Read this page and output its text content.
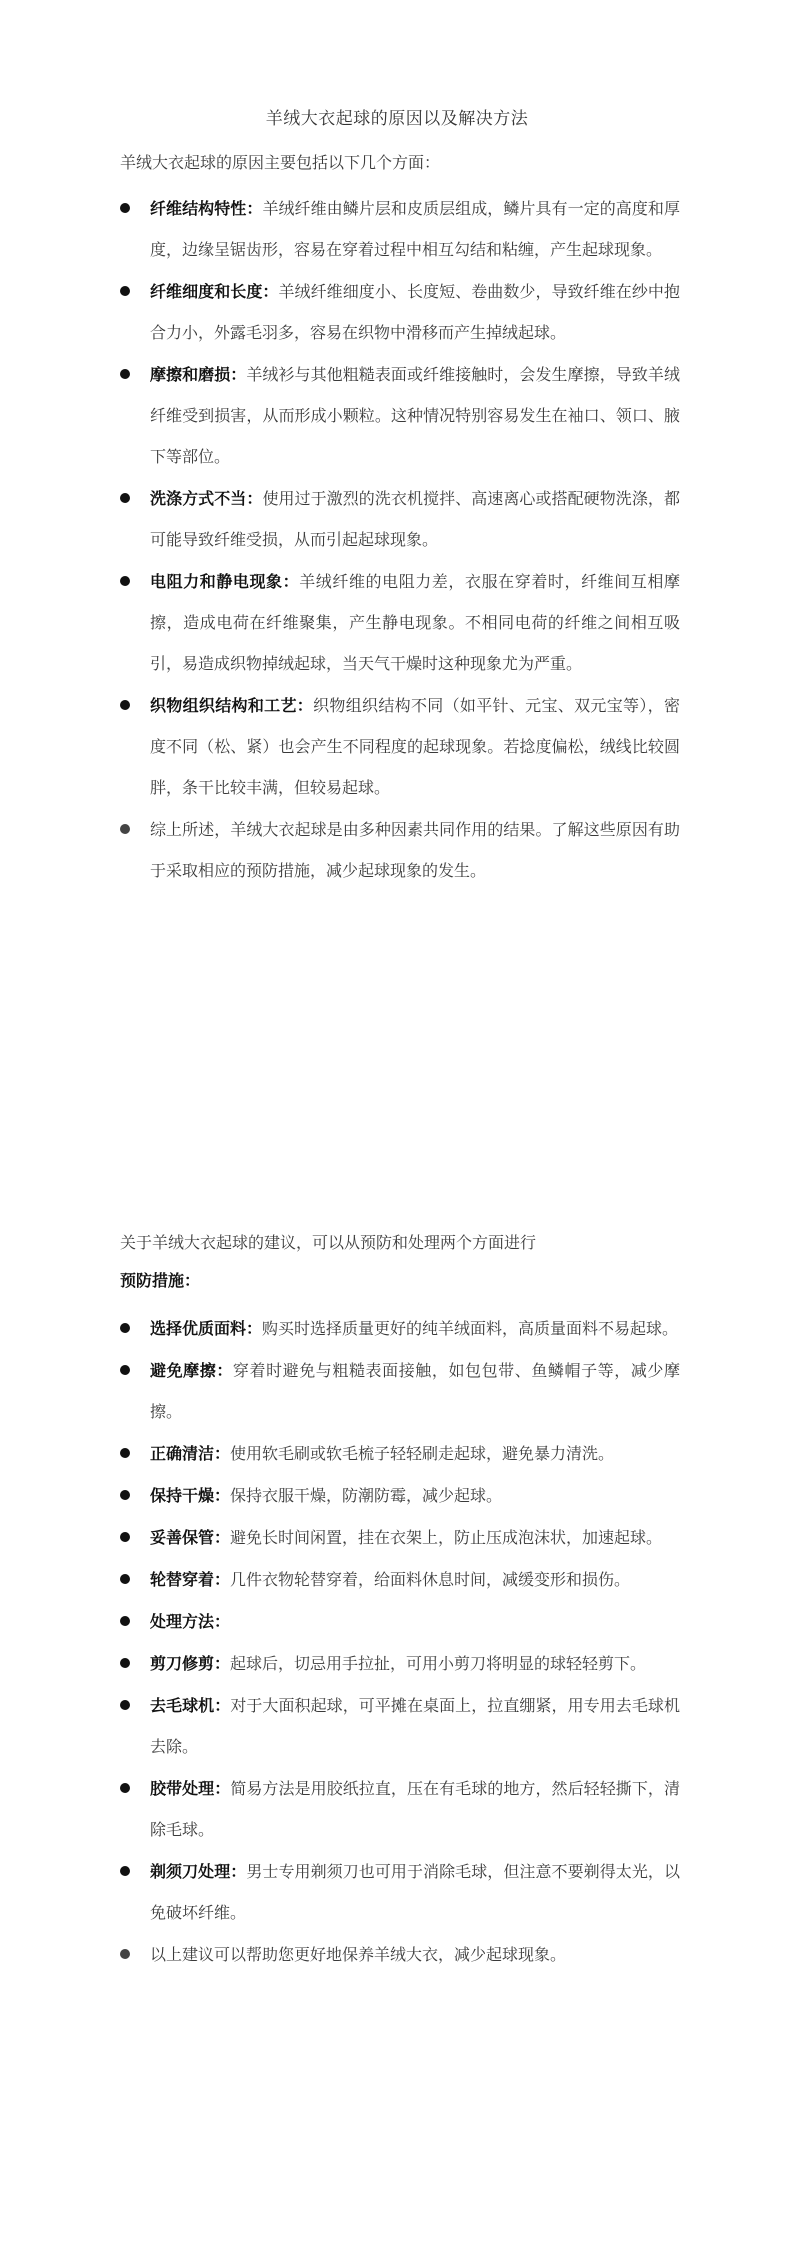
羊绒大衣起球的原因以及解决方法
羊绒大衣起球的原因主要包括以下几个方面：
纤维结构特性：羊绒纤维由鳞片层和皮质层组成，鳞片具有一定的高度和厚度，边缘呈锯齿形，容易在穿着过程中相互勾结和粘缠，产生起球现象。
纤维细度和长度：羊绒纤维细度小、长度短、卷曲数少，导致纤维在纱中抱合力小，外露毛羽多，容易在织物中滑移而产生掉绒起球。
摩擦和磨损：羊绒衫与其他粗糙表面或纤维接触时，会发生摩擦，导致羊绒纤维受到损害，从而形成小颗粒。这种情况特别容易发生在袖口、领口、腋下等部位。
洗涤方式不当：使用过于激烈的洗衣机搅拌、高速离心或搭配硬物洗涤，都可能导致纤维受损，从而引起起球现象。
电阻力和静电现象：羊绒纤维的电阻力差，衣服在穿着时，纤维间互相摩擦，造成电荷在纤维聚集，产生静电现象。不相同电荷的纤维之间相互吸引，易造成织物掉绒起球，当天气干燥时这种现象尤为严重。
织物组织结构和工艺：织物组织结构不同（如平针、元宝、双元宝等），密度不同（松、紧）也会产生不同程度的起球现象。若捻度偏松，绒线比较圆胖，条干比较丰满，但较易起球。
综上所述，羊绒大衣起球是由多种因素共同作用的结果。了解这些原因有助于采取相应的预防措施，减少起球现象的发生。
关于羊绒大衣起球的建议，可以从预防和处理两个方面进行
预防措施：
选择优质面料：购买时选择质量更好的纯羊绒面料，高质量面料不易起球。
避免摩擦：穿着时避免与粗糙表面接触，如包包带、鱼鳞帽子等，减少摩擦。
正确清洁：使用软毛刷或软毛梳子轻轻刷走起球，避免暴力清洗。
保持干燥：保持衣服干燥，防潮防霉，减少起球。
妥善保管：避免长时间闲置，挂在衣架上，防止压成泡沫状，加速起球。
轮替穿着：几件衣物轮替穿着，给面料休息时间，减缓变形和损伤。
处理方法：
剪刀修剪：起球后，切忌用手拉扯，可用小剪刀将明显的球轻轻剪下。
去毛球机：对于大面积起球，可平摊在桌面上，拉直绷紧，用专用去毛球机去除。
胶带处理：简易方法是用胶纸拉直，压在有毛球的地方，然后轻轻撕下，清除毛球。
剃须刀处理：男士专用剃须刀也可用于消除毛球，但注意不要剃得太光，以免破坏纤维。
以上建议可以帮助您更好地保养羊绒大衣，减少起球现象。
